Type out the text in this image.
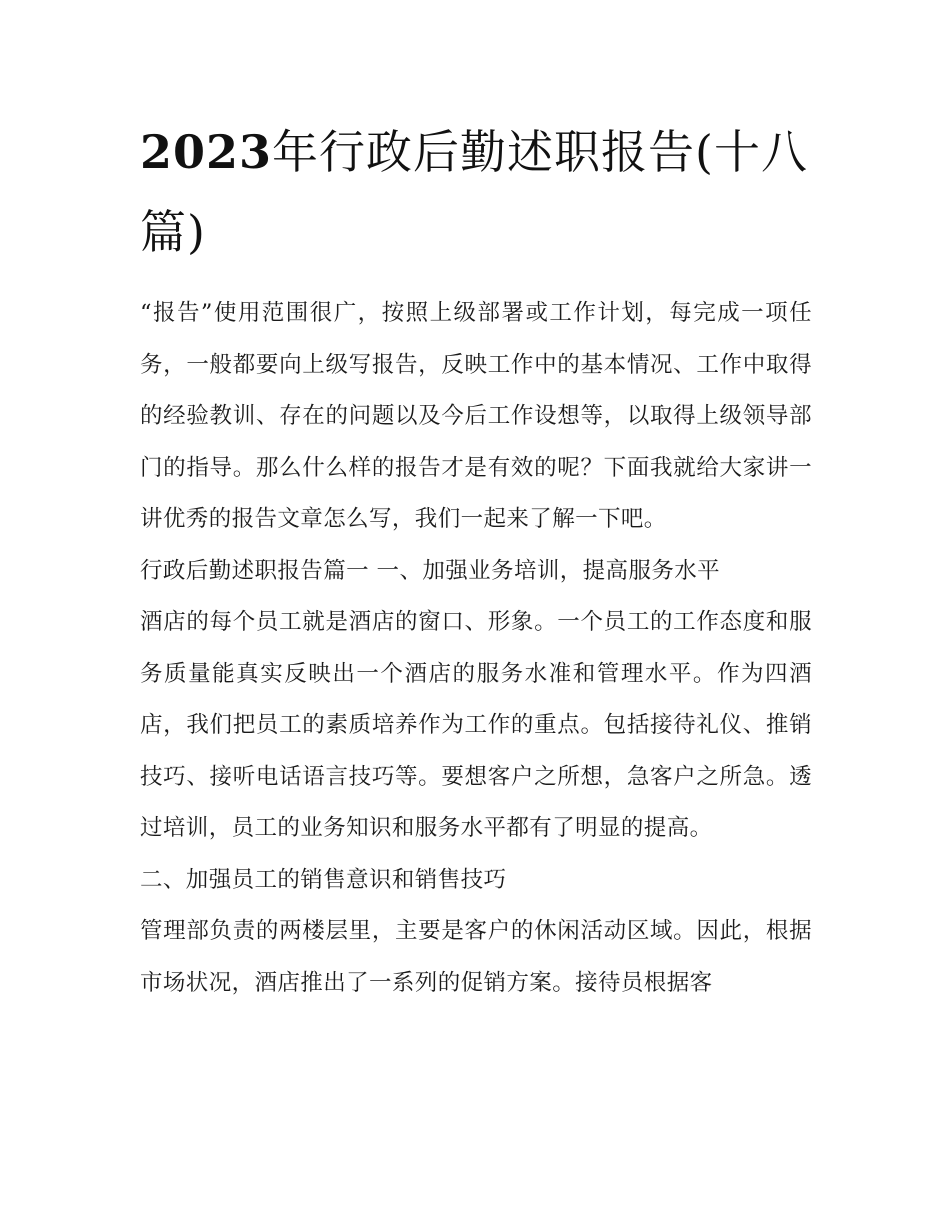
2023年行政后勤述职报告(十八篇)

“报告”使用范围很广，按照上级部署或工作计划，每完成一项任务，一般都要向上级写报告，反映工作中的基本情况、工作中取得的经验教训、存在的问题以及今后工作设想等，以取得上级领导部门的指导。那么什么样的报告才是有效的呢？下面我就给大家讲一讲优秀的报告文章怎么写，我们一起来了解一下吧。

行政后勤述职报告篇一 一、加强业务培训，提高服务水平

酒店的每个员工就是酒店的窗口、形象。一个员工的工作态度和服务质量能真实反映出一个酒店的服务水准和管理水平。作为四酒店，我们把员工的素质培养作为工作的重点。包括接待礼仪、推销技巧、接听电话语言技巧等。要想客户之所想，急客户之所急。透过培训，员工的业务知识和服务水平都有了明显的提高。

二、加强员工的销售意识和销售技巧

管理部负责的两楼层里，主要是客户的休闲活动区域。因此，根据市场状况，酒店推出了一系列的促销方案。接待员根据客
